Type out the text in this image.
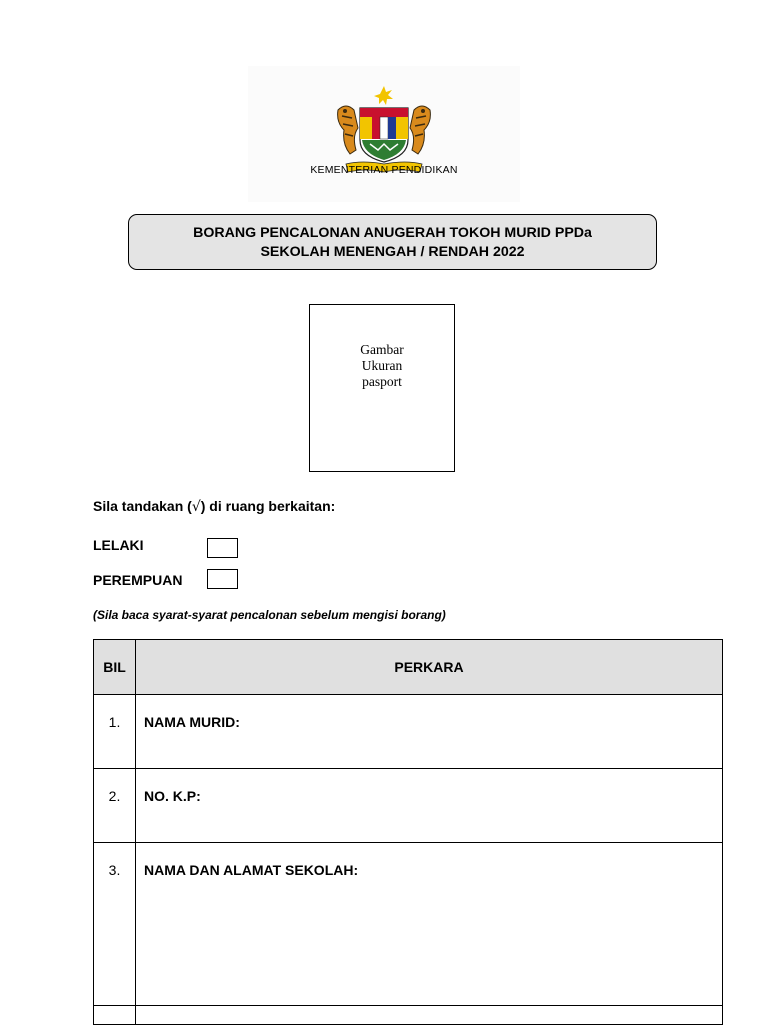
KEMENTERIAN PENDIDIKAN
BORANG PENCALONAN ANUGERAH TOKOH MURID PPDa
SEKOLAH MENENGAH / RENDAH 2022
Gambar
Ukuran
pasport
Sila tandakan (√) di ruang berkaitan:
LELAKI
PEREMPUAN
(Sila baca syarat-syarat pencalonan sebelum mengisi borang)
BIL	PERKARA
1.	NAMA MURID:
2.	NO. K.P:
3.	NAMA DAN ALAMAT SEKOLAH:
